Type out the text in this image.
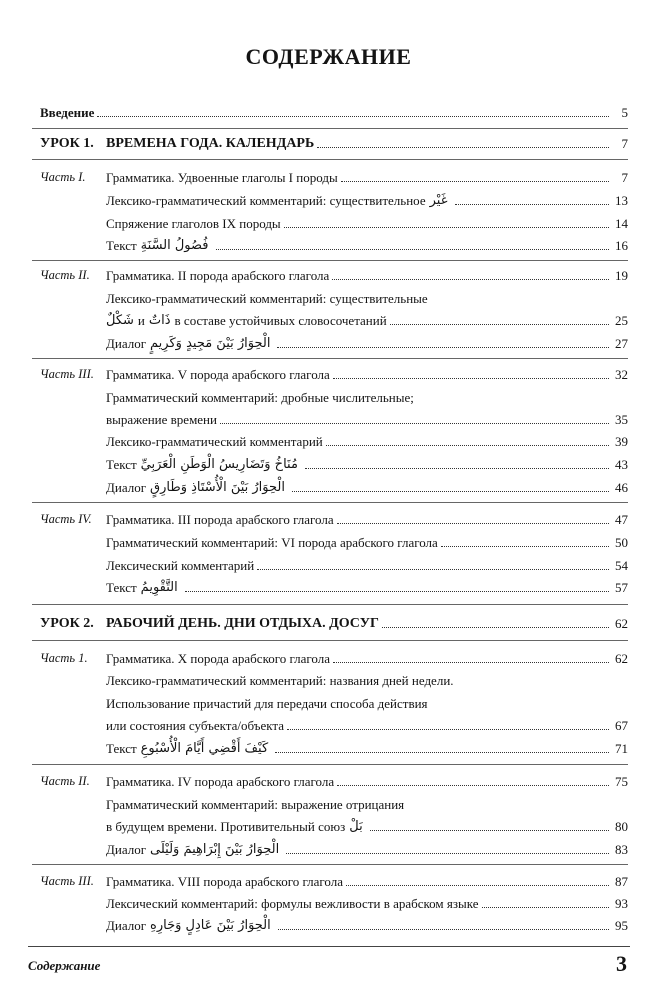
СОДЕРЖАНИЕ
Введение	5
УРОК 1. ВРЕМЕНА ГОДА. КАЛЕНДАРЬ	7
Часть I. Грамматика. Удвоенные глаголы I породы	7
Лексико-грамматический комментарий: существительное غَيْر	13
Спряжение глаголов IX породы	14
Текст فُصُولُ السَّنَةِ	16
Часть II. Грамматика. II порода арабского глагола	19
Лексико-грамматический комментарий: существительные
شَكْلٌ и ذَاتٌ в составе устойчивых словосочетаний	25
Диалог الْحِوَارُ بَيْنَ مَجِيدٍ وَكَرِيمٍ	27
Часть III. Грамматика. V порода арабского глагола	32
Грамматический комментарий: дробные числительные;
выражение времени	35
Лексико-грамматический комментарий	39
Текст مُنَاخُ وَتَضَارِيسُ الْوَطَنِ الْعَرَبِيِّ	43
Диалог الْحِوَارُ بَيْنَ الْأُسْتَاذِ وَطَارِقٍ	46
Часть IV. Грамматика. III порода арабского глагола	47
Грамматический комментарий: VI порода арабского глагола	50
Лексический комментарий	54
Текст التَّقْوِيمُ	57
УРОК 2. РАБОЧИЙ ДЕНЬ. ДНИ ОТДЫХА. ДОСУГ	62
Часть 1. Грамматика. X порода арабского глагола	62
Лексико-грамматический комментарий: названия дней недели.
Использование причастий для передачи способа действия
или состояния субъекта/объекта	67
Текст كَيْفَ أَقْضِي أَيَّامَ الْأُسْبُوعِ	71
Часть II. Грамматика. IV порода арабского глагола	75
Грамматический комментарий: выражение отрицания
в будущем времени. Противительный союз بَلْ	80
Диалог الْحِوَارُ بَيْنَ إِبْرَاهِيمَ وَلَيْلَى	83
Часть III. Грамматика. VIII порода арабского глагола	87
Лексический комментарий: формулы вежливости в арабском языке	93
Диалог الْحِوَارُ بَيْنَ عَادِلٍ وَجَارِهِ	95
Содержание	3
